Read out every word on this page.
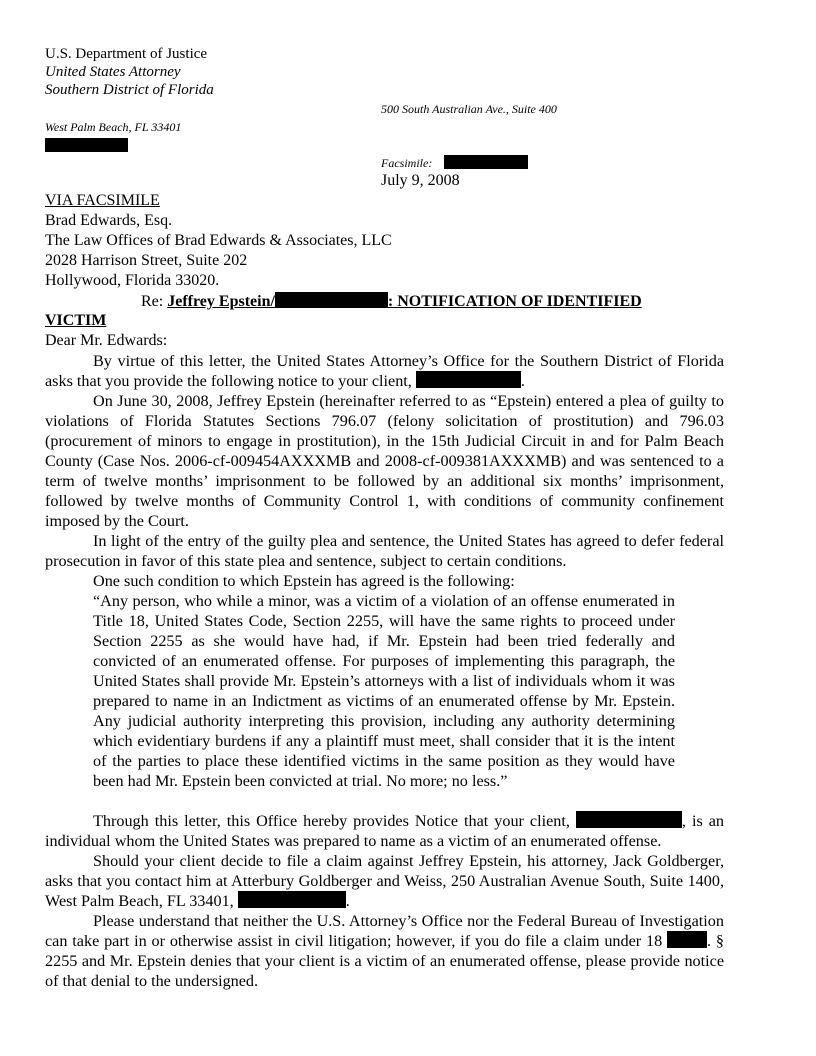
U.S. Department of Justice
United States Attorney
Southern District of Florida
500 South Australian Ave., Suite 400
West Palm Beach, FL 33401
Facsimile:
July 9, 2008
VIA FACSIMILE
Brad Edwards, Esq.
The Law Offices of Brad Edwards & Associates, LLC
2028 Harrison Street, Suite 202
Hollywood, Florida 33020.
Re: Jeffrey Epstein/	: NOTIFICATION OF IDENTIFIED
VICTIM
Dear Mr. Edwards:

By virtue of this letter, the United States Attorney’s Office for the Southern District of Florida asks that you provide the following notice to your client,	.

On June 30, 2008, Jeffrey Epstein (hereinafter referred to as “Epstein) entered a plea of guilty to violations of Florida Statutes Sections 796.07 (felony solicitation of prostitution) and 796.03 (procurement of minors to engage in prostitution), in the 15th Judicial Circuit in and for Palm Beach County (Case Nos. 2006-cf-009454AXXXMB and 2008-cf-009381AXXXMB) and was sentenced to a term of twelve months’ imprisonment to be followed by an additional six months’ imprisonment, followed by twelve months of Community Control 1, with conditions of community confinement imposed by the Court.

In light of the entry of the guilty plea and sentence, the United States has agreed to defer federal prosecution in favor of this state plea and sentence, subject to certain conditions.

One such condition to which Epstein has agreed is the following:

“Any person, who while a minor, was a victim of a violation of an offense enumerated in Title 18, United States Code, Section 2255, will have the same rights to proceed under Section 2255 as she would have had, if Mr. Epstein had been tried federally and convicted of an enumerated offense. For purposes of implementing this paragraph, the United States shall provide Mr. Epstein’s attorneys with a list of individuals whom it was prepared to name in an Indictment as victims of an enumerated offense by Mr. Epstein. Any judicial authority interpreting this provision, including any authority determining which evidentiary burdens if any a plaintiff must meet, shall consider that it is the intent of the parties to place these identified victims in the same position as they would have been had Mr. Epstein been convicted at trial. No more; no less.”

Through this letter, this Office hereby provides Notice that your client,	, is an individual whom the United States was prepared to name as a victim of an enumerated offense.

Should your client decide to file a claim against Jeffrey Epstein, his attorney, Jack Goldberger, asks that you contact him at Atterbury Goldberger and Weiss, 250 Australian Avenue South, Suite 1400, West Palm Beach, FL 33401,	.

Please understand that neither the U.S. Attorney’s Office nor the Federal Bureau of Investigation can take part in or otherwise assist in civil litigation; however, if you do file a claim under 18	. § 2255 and Mr. Epstein denies that your client is a victim of an enumerated offense, please provide notice of that denial to the undersigned.
